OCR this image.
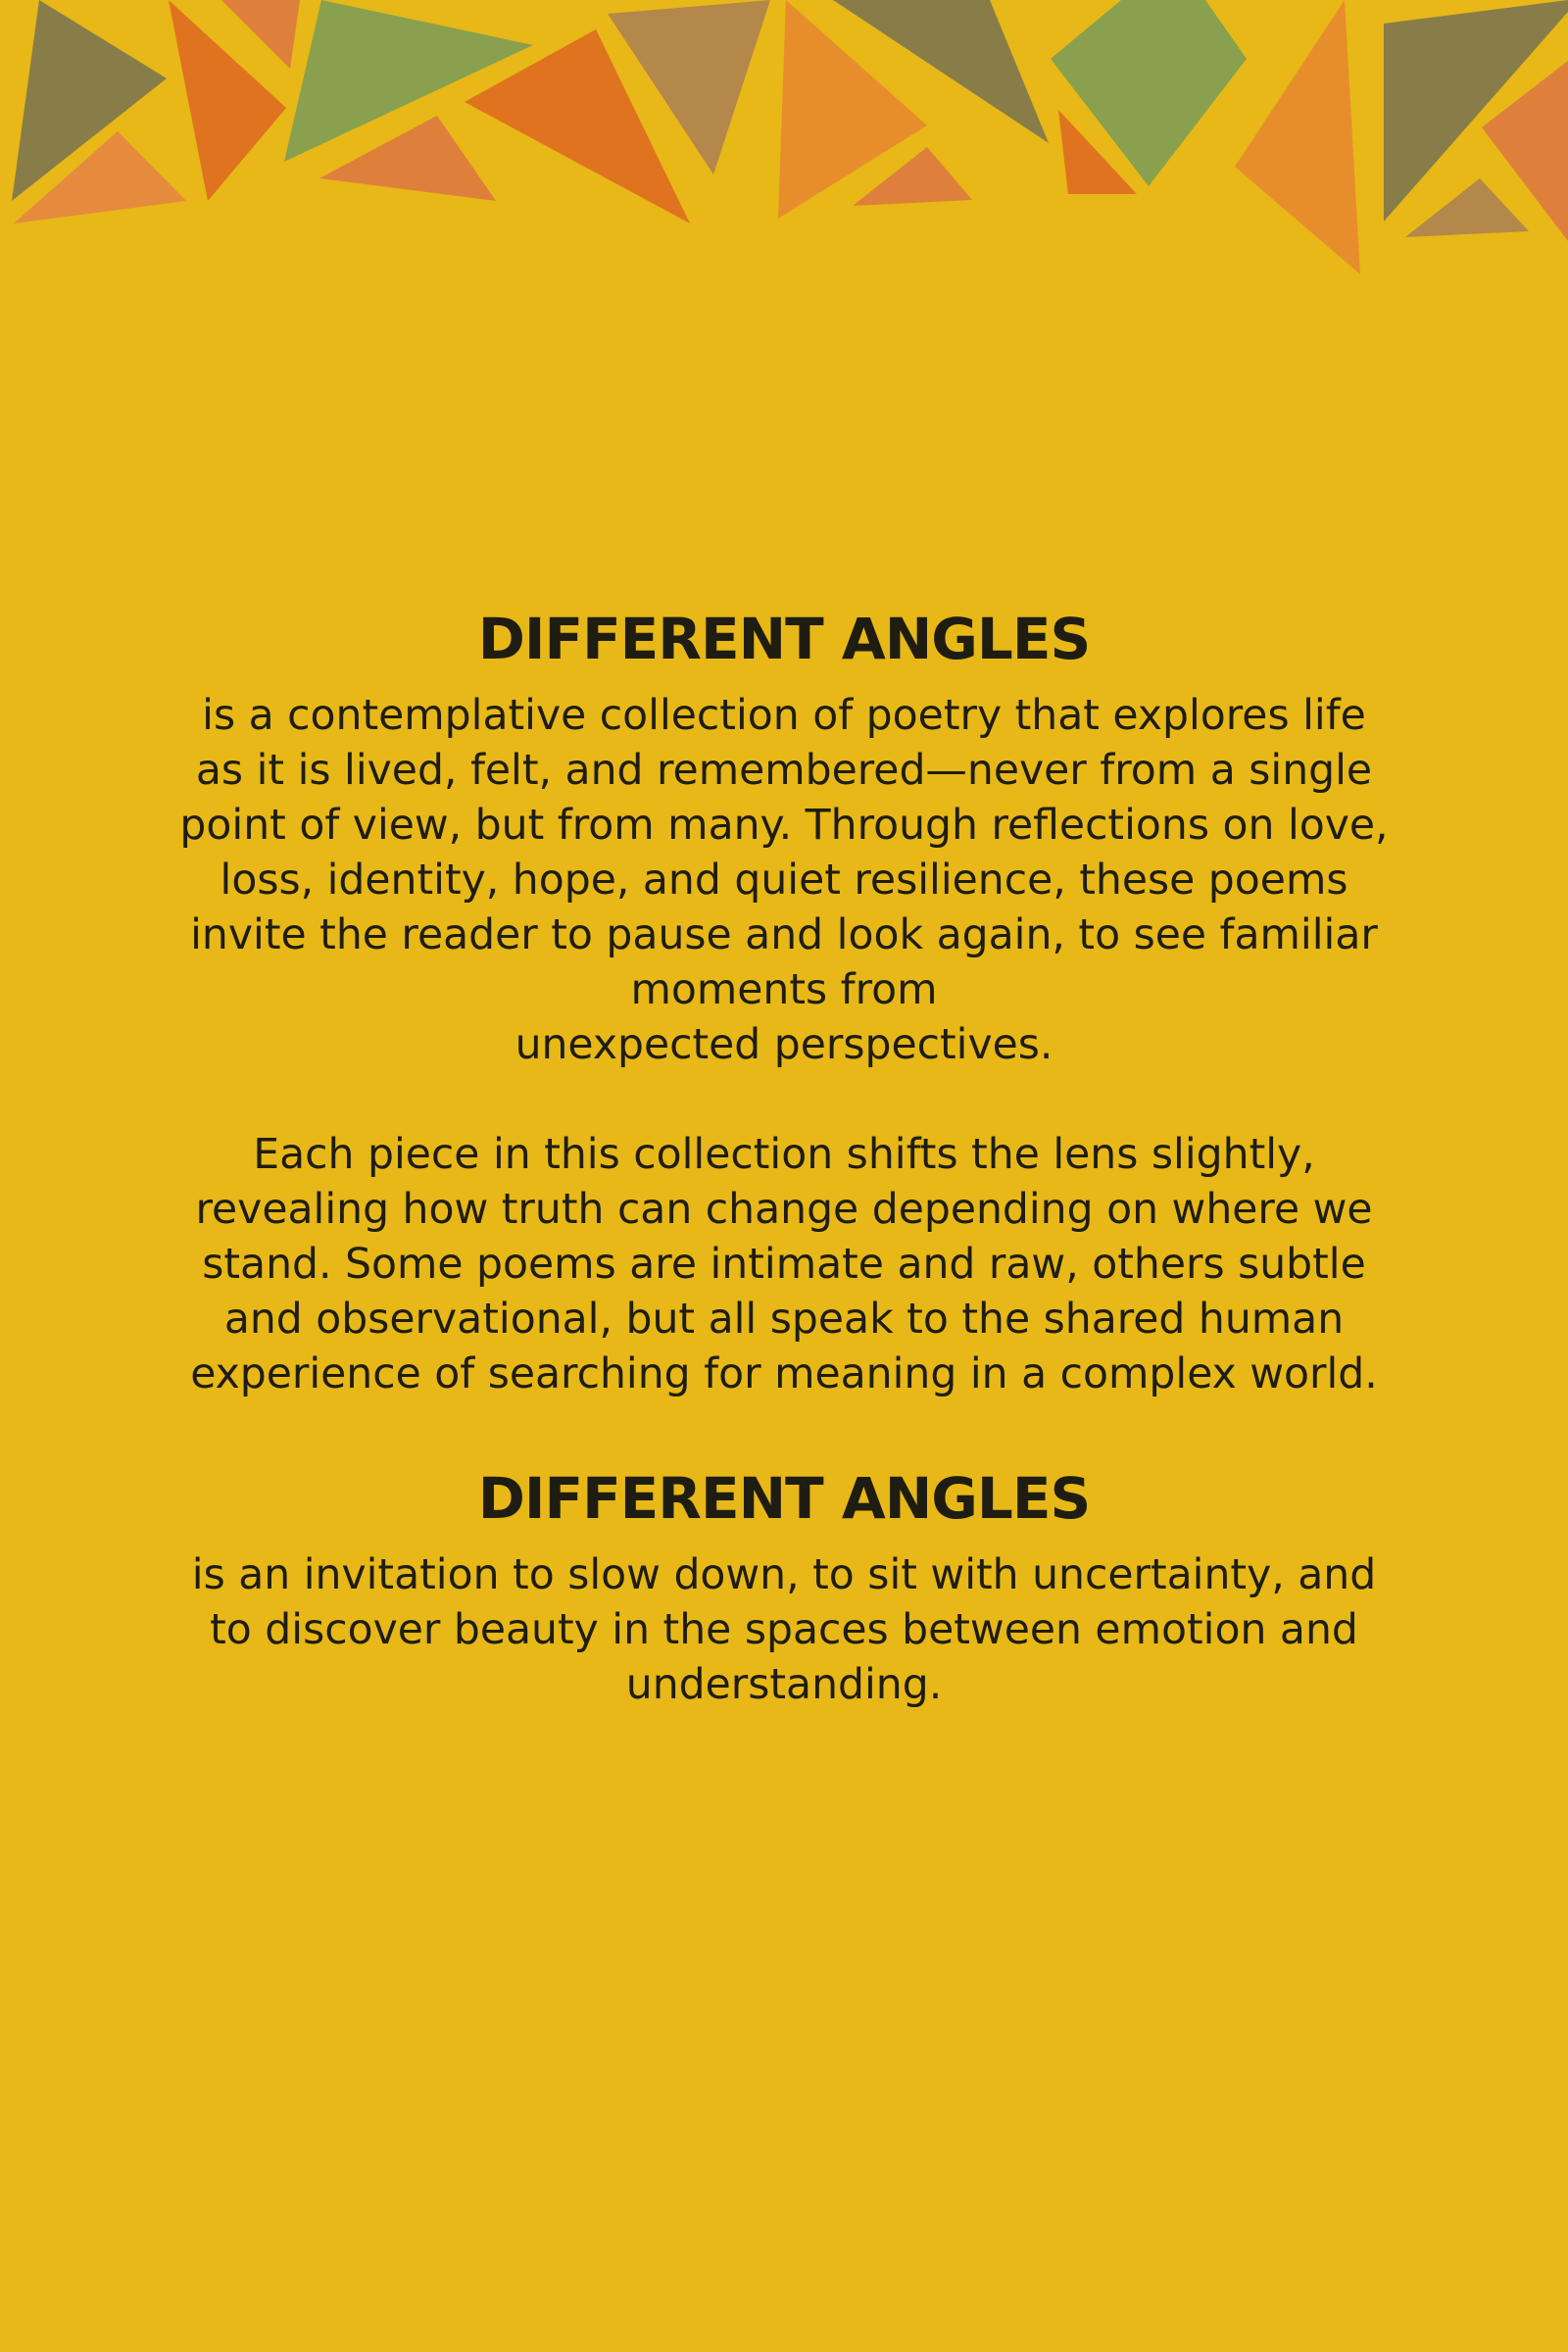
DIFFERENT ANGLES

is a contemplative collection of poetry that explores life
as it is lived, felt, and remembered—never from a single
point of view, but from many. Through reflections on love,
loss, identity, hope, and quiet resilience, these poems
invite the reader to pause and look again, to see familiar
moments from
unexpected perspectives.

Each piece in this collection shifts the lens slightly,
revealing how truth can change depending on where we
stand. Some poems are intimate and raw, others subtle
and observational, but all speak to the shared human
experience of searching for meaning in a complex world.

DIFFERENT ANGLES

is an invitation to slow down, to sit with uncertainty, and
to discover beauty in the spaces between emotion and
understanding.
